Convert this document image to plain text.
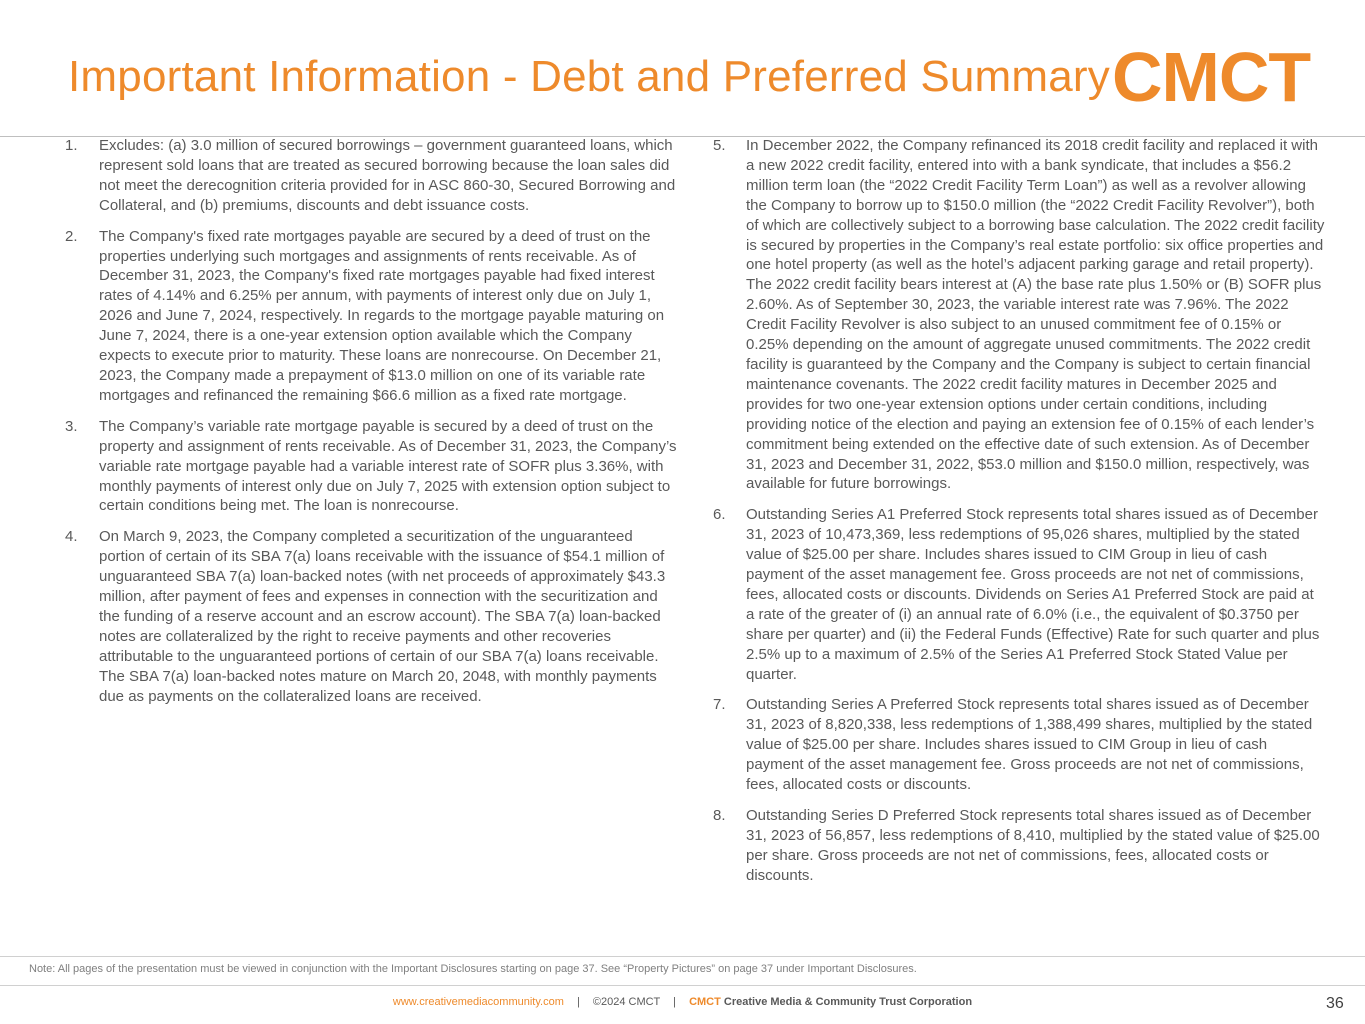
Important Information - Debt and Preferred Summary CMCT
1. Excludes: (a) 3.0 million of secured borrowings – government guaranteed loans, which represent sold loans that are treated as secured borrowing because the loan sales did not meet the derecognition criteria provided for in ASC 860-30, Secured Borrowing and Collateral, and (b) premiums, discounts and debt issuance costs.
2. The Company's fixed rate mortgages payable are secured by a deed of trust on the properties underlying such mortgages and assignments of rents receivable. As of December 31, 2023, the Company's fixed rate mortgages payable had fixed interest rates of 4.14% and 6.25% per annum, with payments of interest only due on July 1, 2026 and June 7, 2024, respectively. In regards to the mortgage payable maturing on June 7, 2024, there is a one-year extension option available which the Company expects to execute prior to maturity. These loans are nonrecourse. On December 21, 2023, the Company made a prepayment of $13.0 million on one of its variable rate mortgages and refinanced the remaining $66.6 million as a fixed rate mortgage.
3. The Company’s variable rate mortgage payable is secured by a deed of trust on the property and assignment of rents receivable. As of December 31, 2023, the Company’s variable rate mortgage payable had a variable interest rate of SOFR plus 3.36%, with monthly payments of interest only due on July 7, 2025 with extension option subject to certain conditions being met. The loan is nonrecourse.
4. On March 9, 2023, the Company completed a securitization of the unguaranteed portion of certain of its SBA 7(a) loans receivable with the issuance of $54.1 million of unguaranteed SBA 7(a) loan-backed notes (with net proceeds of approximately $43.3 million, after payment of fees and expenses in connection with the securitization and the funding of a reserve account and an escrow account). The SBA 7(a) loan-backed notes are collateralized by the right to receive payments and other recoveries attributable to the unguaranteed portions of certain of our SBA 7(a) loans receivable. The SBA 7(a) loan-backed notes mature on March 20, 2048, with monthly payments due as payments on the collateralized loans are received.
5. In December 2022, the Company refinanced its 2018 credit facility and replaced it with a new 2022 credit facility, entered into with a bank syndicate, that includes a $56.2 million term loan (the “2022 Credit Facility Term Loan”) as well as a revolver allowing the Company to borrow up to $150.0 million (the “2022 Credit Facility Revolver”), both of which are collectively subject to a borrowing base calculation. The 2022 credit facility is secured by properties in the Company’s real estate portfolio: six office properties and one hotel property (as well as the hotel’s adjacent parking garage and retail property). The 2022 credit facility bears interest at (A) the base rate plus 1.50% or (B) SOFR plus 2.60%. As of September 30, 2023, the variable interest rate was 7.96%. The 2022 Credit Facility Revolver is also subject to an unused commitment fee of 0.15% or 0.25% depending on the amount of aggregate unused commitments. The 2022 credit facility is guaranteed by the Company and the Company is subject to certain financial maintenance covenants. The 2022 credit facility matures in December 2025 and provides for two one-year extension options under certain conditions, including providing notice of the election and paying an extension fee of 0.15% of each lender’s commitment being extended on the effective date of such extension. As of December 31, 2023 and December 31, 2022, $53.0 million and $150.0 million, respectively, was available for future borrowings.
6. Outstanding Series A1 Preferred Stock represents total shares issued as of December 31, 2023 of 10,473,369, less redemptions of 95,026 shares, multiplied by the stated value of $25.00 per share. Includes shares issued to CIM Group in lieu of cash payment of the asset management fee. Gross proceeds are not net of commissions, fees, allocated costs or discounts. Dividends on Series A1 Preferred Stock are paid at a rate of the greater of (i) an annual rate of 6.0% (i.e., the equivalent of $0.3750 per share per quarter) and (ii) the Federal Funds (Effective) Rate for such quarter and plus 2.5% up to a maximum of 2.5% of the Series A1 Preferred Stock Stated Value per quarter.
7. Outstanding Series A Preferred Stock represents total shares issued as of December 31, 2023 of 8,820,338, less redemptions of 1,388,499 shares, multiplied by the stated value of $25.00 per share. Includes shares issued to CIM Group in lieu of cash payment of the asset management fee. Gross proceeds are not net of commissions, fees, allocated costs or discounts.
8. Outstanding Series D Preferred Stock represents total shares issued as of December 31, 2023 of 56,857, less redemptions of 8,410, multiplied by the stated value of $25.00 per share. Gross proceeds are not net of commissions, fees, allocated costs or discounts.
Note: All pages of the presentation must be viewed in conjunction with the Important Disclosures starting on page 37. See “Property Pictures” on page 37 under Important Disclosures.
www.creativemediacommunity.com | ©2024 CMCT | CMCT Creative Media & Community Trust Corporation	36
